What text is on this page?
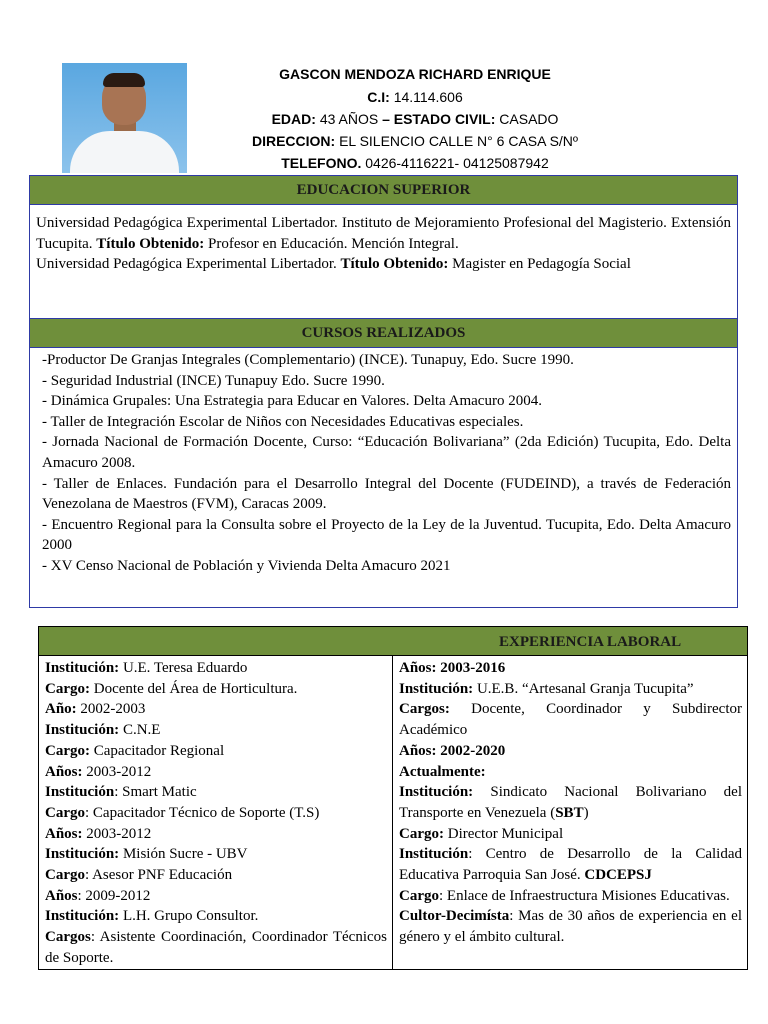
GASCON MENDOZA RICHARD ENRIQUE
C.I: 14.114.606
EDAD: 43 AÑOS – ESTADO CIVIL: CASADO
DIRECCION: EL SILENCIO CALLE N° 6 CASA S/Nº
TELEFONO. 0426-4116221- 04125087942
EDUCACION SUPERIOR

Universidad Pedagógica Experimental Libertador. Instituto de Mejoramiento Profesional del Magisterio. Extensión Tucupita. Título Obtenido: Profesor en Educación. Mención Integral.

Universidad Pedagógica Experimental Libertador. Título Obtenido: Magister en Pedagogía Social

CURSOS REALIZADOS

-Productor De Granjas Integrales (Complementario) (INCE). Tunapuy, Edo. Sucre 1990.

- Seguridad Industrial (INCE) Tunapuy Edo. Sucre 1990.

- Dinámica Grupales: Una Estrategia para Educar en Valores. Delta Amacuro 2004.

- Taller de Integración Escolar de Niños con Necesidades Educativas especiales.

- Jornada Nacional de Formación Docente, Curso: “Educación Bolivariana” (2da Edición) Tucupita, Edo. Delta Amacuro 2008.

- Taller de Enlaces. Fundación para el Desarrollo Integral del Docente (FUDEIND), a través de Federación Venezolana de Maestros (FVM), Caracas 2009.

- Encuentro Regional para la Consulta sobre el Proyecto de la Ley de la Juventud. Tucupita, Edo. Delta Amacuro 2000

- XV Censo Nacional de Población y Vivienda Delta Amacuro 2021

EXPERIENCIA LABORAL

Institución: U.E. Teresa Eduardo

Cargo: Docente del Área de Horticultura.

Año: 2002-2003

Institución: C.N.E

Cargo: Capacitador Regional

Años: 2003-2012

Institución: Smart Matic

Cargo: Capacitador Técnico de Soporte (T.S)

Años: 2003-2012

Institución: Misión Sucre - UBV

Cargo: Asesor PNF Educación

Años: 2009-2012

Institución: L.H. Grupo Consultor.

Cargos: Asistente Coordinación, Coordinador Técnicos de Soporte.

Años: 2003-2016

Institución: U.E.B. “Artesanal Granja Tucupita”

Cargos: Docente, Coordinador y Subdirector Académico

Años: 2002-2020

Actualmente:

Institución: Sindicato Nacional Bolivariano del Transporte en Venezuela (SBT)

Cargo: Director Municipal

Institución: Centro de Desarrollo de la Calidad Educativa Parroquia San José. CDCEPSJ

Cargo: Enlace de Infraestructura Misiones Educativas.

Cultor-Decimísta: Mas de 30 años de experiencia en el género y el ámbito cultural.
